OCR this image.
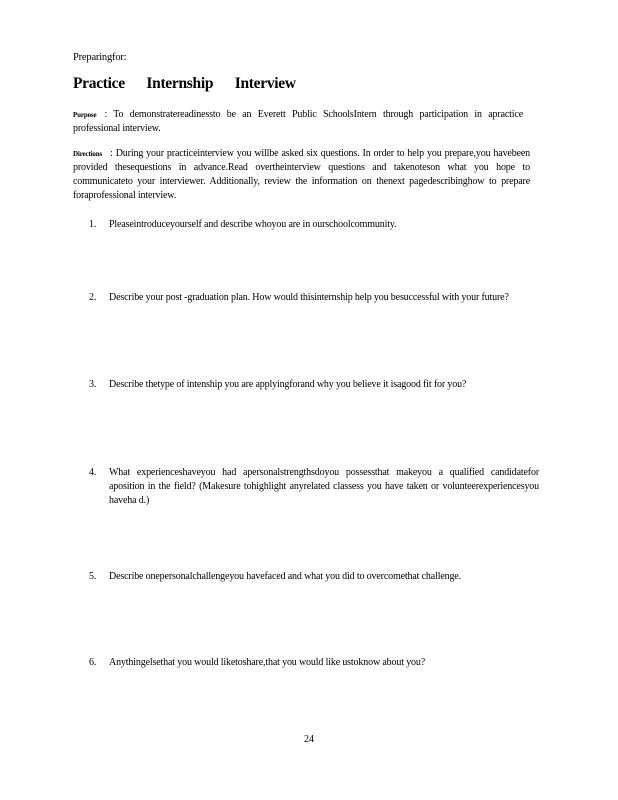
Preparingfor:
Practice Internship Interview
Purpose : To demonstratereadinessto be an Everett Public SchoolsIntern through participation in apractice professional interview.
Directions : During your practiceinterview you willbe asked six questions. In order to help you prepare,you havebeen provided thesequestions in advance.Read overtheinterview questions and takenoteson what you hope to communicateto your interviewer. Additionally, review the information on thenext pagedescribinghow to prepare foraprofessional interview.
1. Pleaseintroduceyourself and describe whoyou are in ourschoolcommunity.
2. Describe your post -graduation plan. How would thisinternship help you besuccessful with your future?
3. Describe thetype of intenship you are applyingforand why you believe it isagood fit for you?
4. What experienceshaveyou had apersonalstrengthsdoyou possessthat makeyou a qualified candidatefor aposition in the field? (Makesure tohighlight anyrelated classess you have taken or volunteerexperiencesyou haveha d.)
5. Describe onepersonalchallengeyou havefaced and what you did to overcomethat challenge.
6. Anythingelsethat you would liketoshare,that you would like ustoknow about you?
24
